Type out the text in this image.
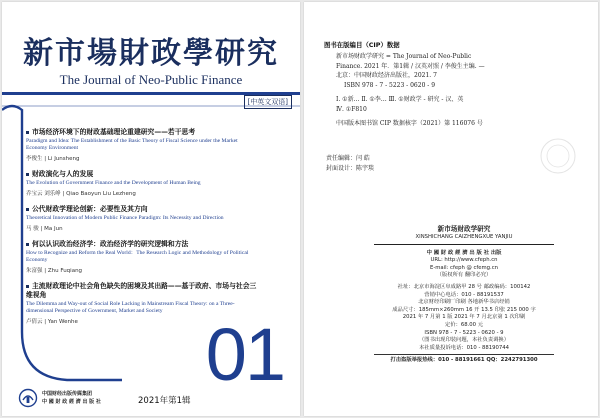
新市場財政學研究
The Journal of Neo-Public Finance
[中英文双语]
市场经济环境下的财政基础理论重建研究——若干思考
Paradigm and Idea: The Establishment of the Basic Theory of Fiscal Science under the Market Economy Environment
李俊生 | Li Junsheng
财政演化与人的发展
The Evolution of Government Finance and the Development of Human Being
乔宝云 刘乐峥 | Qiao Baoyun Liu Lezheng
公代财政学理论创新：必要性及其方向
Theoretical Innovation of Modern Public Finance Paradigm: Its Necessity and Direction
马 骏 | Ma Jun
何以认识政治经济学：政治经济学的研究逻辑和方法
How to Recognize and Reform the Real World：The Research Logic and Methodology of Political Economy
朱富强 | Zhu Fuqiang
主流财政理论中社会角色缺失的困境及其出路——基于政府、市场与社会三维视角
The Dilemma and Way-out of Social Role Lacking in Mainstream Fiscal Theory: on a Three-dimensional Perspective of Government, Market and Society
卢倩云 | Yan Wenhe	01
2021年第1辑
中国财经出版传媒集团
中 國 財 政 經 濟 出 版 社
图书在版编目（CIP）数据

新市场财政学研究 = The Journal of Neo-Public

Finance. 2021 年．第1辑 / 汉英对照 / 李俊生主编. —

北京：中国财政经济出版社，2021. 7

ISBN 978 - 7 - 5223 - 0620 - 9

Ⅰ. ①新… Ⅱ. ①李… Ⅲ. ①财政学 - 研究 - 汉、英

Ⅳ. ①F810

中国版本图书馆 CIP 数据核字（2021）第 116076 号

责任编辑：闫 皓
封面设计：陈宇琰
新市场财政学研究
XINSHICHANG CAIZHENGXUE YANJIU
中 國 財 政 經 濟 出 版 社 出版
URL: http://www.cfeph.cn
E-mail: cfeph @ cfemg.cn
（版权所有 翻印必究）
社址：北京市海淀区阜成路甲 28 号 邮政编码：100142
营销中心电话：010 - 88191537
北京财经印刷厂印刷 各地新华书店经销
成品尺寸：185mm×260mm 16 开 13.5 印张 215 000 字
2021 年 7 月第 1 版 2021 年 7 月北京第 1 次印刷
定价：68.00 元
ISBN 978 - 7 - 5223 - 0620 - 9
（图书出现印装问题，本社负责调换）
本社质量投诉电话：010 - 88190744
打击盗版举报热线：010 - 88191661 QQ：2242791300
